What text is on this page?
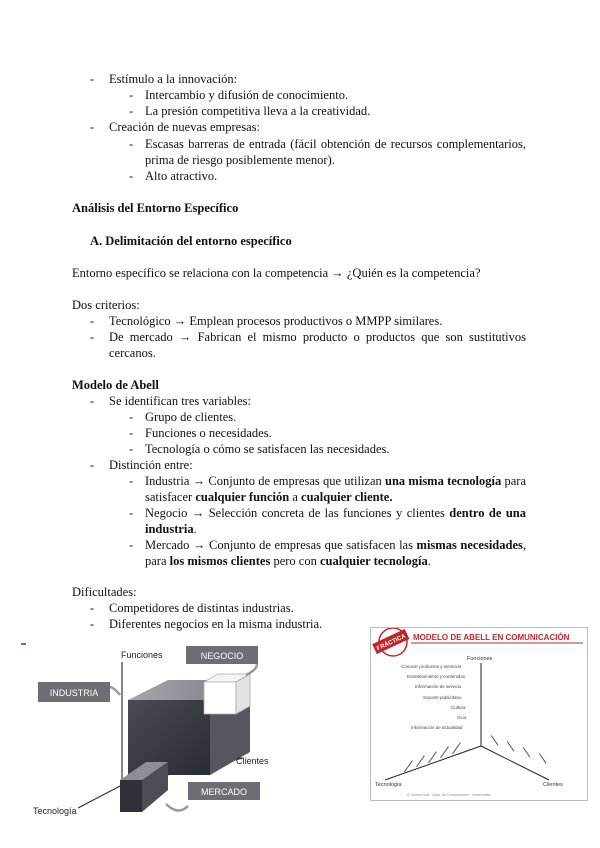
- Estímulo a la innovación:
- Intercambio y difusión de conocimiento.
- La presión competitiva lleva a la creatividad.
- Creación de nuevas empresas:
- Escasas barreras de entrada (fácil obtención de recursos complementarios,
prima de riesgo posiblemente menor).
- Alto atractivo.
Análisis del Entorno Específico
A. Delimitación del entorno específico
Entorno específico se relaciona con la competencia → ¿Quién es la competencia?
Dos criterios:
- Tecnológico → Emplean procesos productivos o MMPP similares.
- De mercado → Fabrican el mismo producto o productos que son sustitutivos
cercanos.
Modelo de Abell
- Se identifican tres variables:
- Grupo de clientes.
- Funciones o necesidades.
- Tecnología o cómo se satisfacen las necesidades.
- Distinción entre:
- Industria → Conjunto de empresas que utilizan una misma tecnología para
satisfacer cualquier función a cualquier cliente.
- Negocio → Selección concreta de las funciones y clientes dentro de una
industria.
- Mercado → Conjunto de empresas que satisfacen las mismas necesidades,
para los mismos clientes pero con cualquier tecnología.
Dificultades:
- Competidores de distintas industrias.
- Diferentes negocios en la misma industria.
Funciones	NEGOCIO
INDUSTRIA
Clientes
MERCADO
Tecnología
MODELO DE ABELL EN COMUNICACIÓN
PRÁCTICA
Funciones
Conocer productos y servicios
Entretenimiento y contenidos
Información de servicio
Soporte publicitario
Cultura
Ocio
Información de actualidad
Tecnología	Clientes
A. Nueva Ruiz · Dpto. de Comunicación · Universidad
